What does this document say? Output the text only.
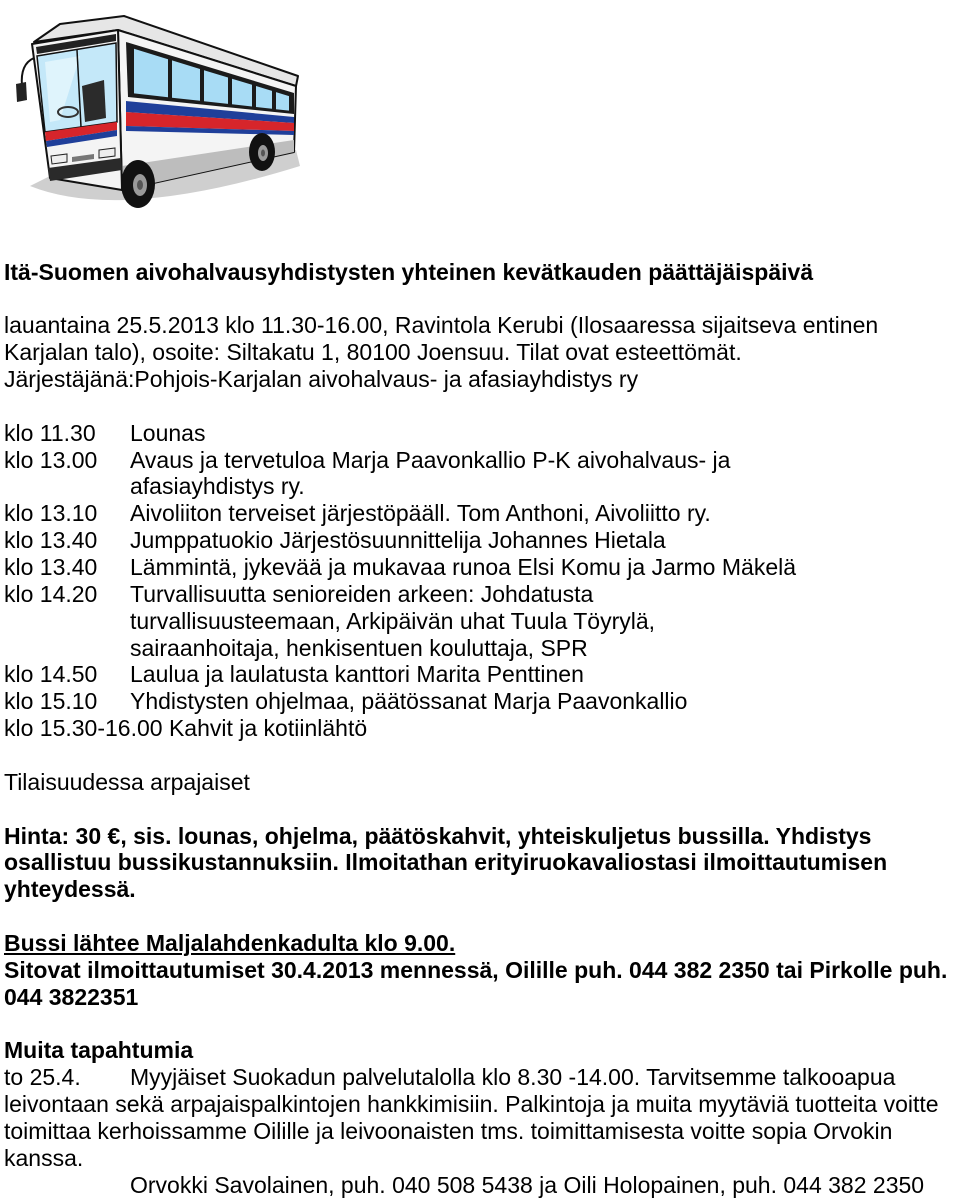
Itä-Suomen aivohalvausyhdistysten yhteinen kevätkauden päättäjäispäivä
lauantaina 25.5.2013 klo 11.30-16.00, Ravintola Kerubi (Ilosaaressa sijaitseva entinen
Karjalan talo), osoite: Siltakatu 1, 80100 Joensuu. Tilat ovat esteettömät.
Järjestäjänä:Pohjois-Karjalan aivohalvaus- ja afasiayhdistys ry
klo 11.30 Lounas
klo 13.00 Avaus ja tervetuloa Marja Paavonkallio P-K aivohalvaus- ja
afasiayhdistys ry.
klo 13.10 Aivoliiton terveiset järjestöpääll. Tom Anthoni, Aivoliitto ry.
klo 13.40 Jumppatuokio Järjestösuunnittelija Johannes Hietala
klo 13.40 Lämmintä, jykevää ja mukavaa runoa Elsi Komu ja Jarmo Mäkelä
klo 14.20 Turvallisuutta senioreiden arkeen: Johdatusta
turvallisuusteemaan, Arkipäivän uhat Tuula Töyrylä,
sairaanhoitaja, henkisentuen kouluttaja, SPR
klo 14.50 Laulua ja laulatusta kanttori Marita Penttinen
klo 15.10 Yhdistysten ohjelmaa, päätössanat Marja Paavonkallio
klo 15.30-16.00 Kahvit ja kotiinlähtö
Tilaisuudessa arpajaiset
Hinta: 30 €, sis. lounas, ohjelma, päätöskahvit, yhteiskuljetus bussilla. Yhdistys
osallistuu bussikustannuksiin. Ilmoitathan erityiruokavaliostasi ilmoittautumisen
yhteydessä.
Bussi lähtee Maljalahdenkadulta klo 9.00.
Sitovat ilmoittautumiset 30.4.2013 mennessä, Oilille puh. 044 382 2350 tai Pirkolle puh.
044 3822351
Muita tapahtumia
to 25.4. Myyjäiset Suokadun palvelutalolla klo 8.30 -14.00. Tarvitsemme talkooapua
leivontaan sekä arpajaispalkintojen hankkimisiin. Palkintoja ja muita myytäviä tuotteita voitte
toimittaa kerhoissamme Oilille ja leivoonaisten tms. toimittamisesta voitte sopia Orvokin
kanssa.
Orvokki Savolainen, puh. 040 508 5438 ja Oili Holopainen, puh. 044 382 2350
